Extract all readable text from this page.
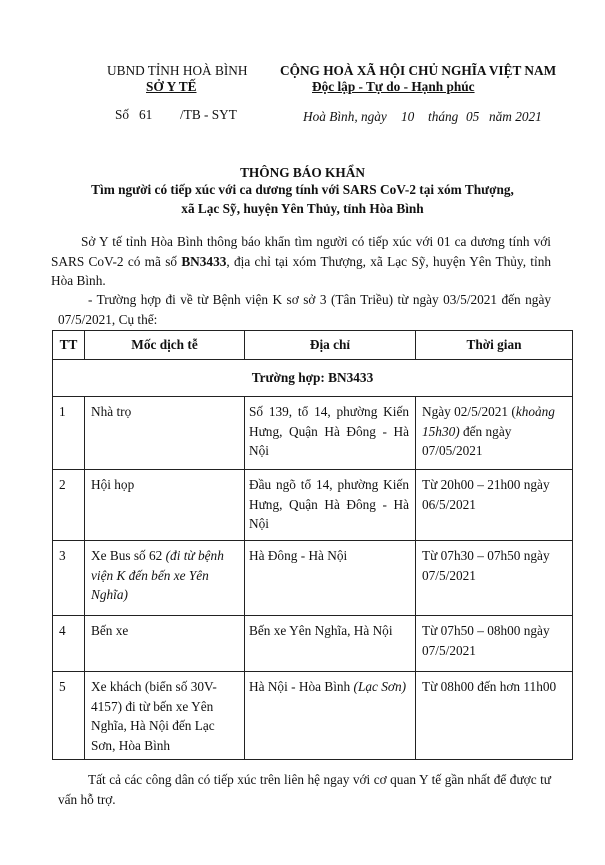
UBND TỈNH HOÀ BÌNH
SỞ Y TẾ
Số 61 /TB - SYT
CỘNG HOÀ XÃ HỘI CHỦ NGHĨA VIỆT NAM
Độc lập - Tự do - Hạnh phúc
Hoà Bình, ngày 10 tháng 05 năm 2021
THÔNG BÁO KHẨN
Tìm người có tiếp xúc với ca dương tính với SARS CoV-2 tại xóm Thượng,
xã Lạc Sỹ, huyện Yên Thủy, tỉnh Hòa Bình
Sở Y tế tỉnh Hòa Bình thông báo khẩn tìm người có tiếp xúc với 01 ca dương tính với SARS CoV-2 có mã số BN3433, địa chỉ tại xóm Thượng, xã Lạc Sỹ, huyện Yên Thủy, tỉnh Hòa Bình.
- Trường hợp đi về từ Bệnh viện K sơ sở 3 (Tân Triều) từ ngày 03/5/2021 đến ngày 07/5/2021, Cụ thể:
TT	Mốc dịch tễ	Địa chỉ	Thời gian
Trường hợp: BN3433			
1	Nhà trọ	Số 139, tổ 14, phường Kiến Hưng, Quận Hà Đông - Hà Nội	Ngày 02/5/2021 (khoảng 15h30) đến ngày 07/05/2021
2	Hội họp	Đầu ngõ tổ 14, phường Kiến Hưng, Quận Hà Đông - Hà Nội	Từ 20h00 – 21h00 ngày 06/5/2021
3	Xe Bus số 62 (đi từ bệnh viện K đến bến xe Yên Nghĩa)	Hà Đông - Hà Nội	Từ 07h30 – 07h50 ngày 07/5/2021
4	Bến xe	Bến xe Yên Nghĩa, Hà Nội	Từ 07h50 – 08h00 ngày 07/5/2021
5	Xe khách (biển số 30V-4157) đi từ bến xe Yên Nghĩa, Hà Nội đến Lạc Sơn, Hòa Bình	Hà Nội - Hòa Bình (Lạc Sơn)	Từ 08h00 đến hơn 11h00
Tất cả các công dân có tiếp xúc trên liên hệ ngay với cơ quan Y tế gần nhất để được tư vấn hỗ trợ.
